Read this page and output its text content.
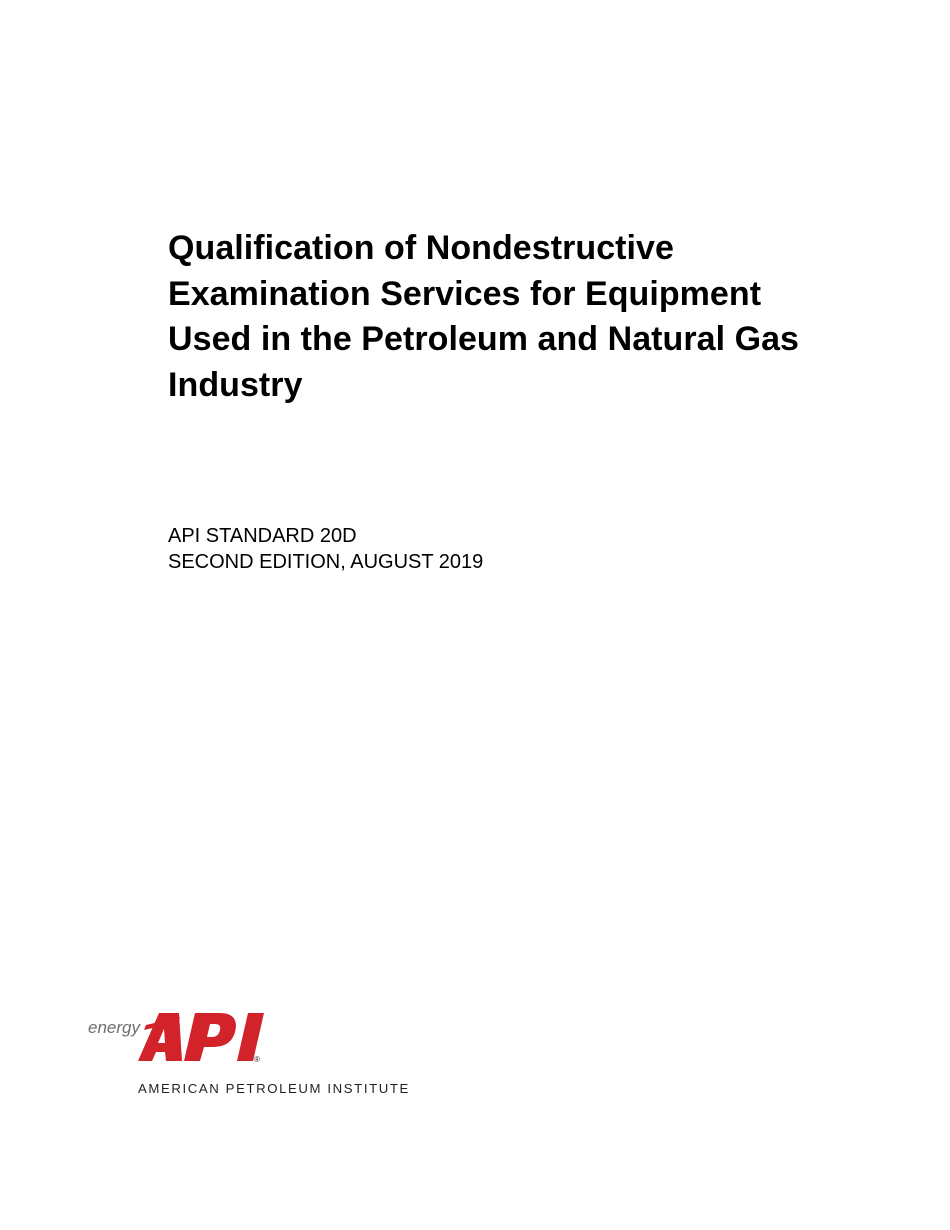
Qualification of Nondestructive
Examination Services for Equipment
Used in the Petroleum and Natural Gas
Industry
API STANDARD 20D
SECOND EDITION, AUGUST 2019
energy
®
AMERICAN PETROLEUM INSTITUTE
